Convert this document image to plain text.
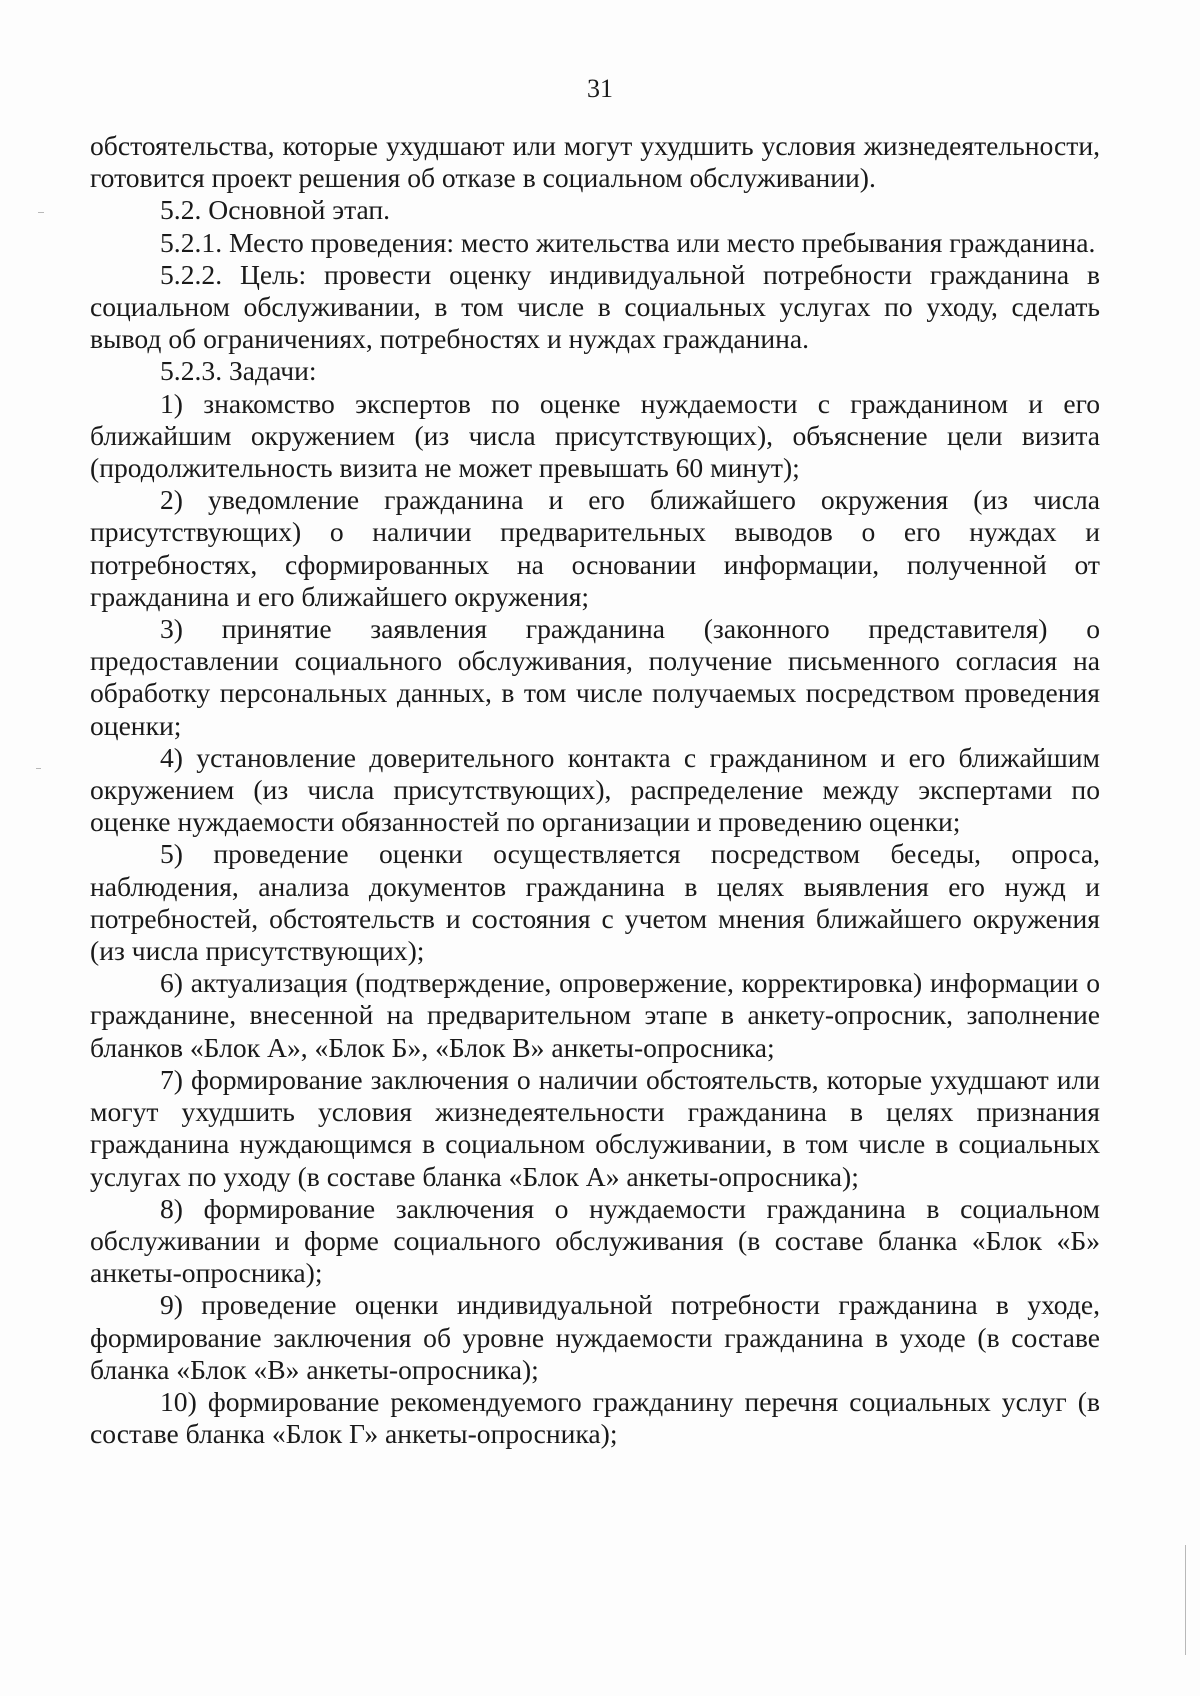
31

обстоятельства, которые ухудшают или могут ухудшить условия жизнедеятельности, готовится проект решения об отказе в социальном обслуживании).

5.2. Основной этап.

5.2.1. Место проведения: место жительства или место пребывания гражданина.

5.2.2. Цель: провести оценку индивидуальной потребности гражданина в социальном обслуживании, в том числе в социальных услугах по уходу, сделать вывод об ограничениях, потребностях и нуждах гражданина.

5.2.3. Задачи:

1) знакомство экспертов по оценке нуждаемости с гражданином и его ближайшим окружением (из числа присутствующих), объяснение цели визита (продолжительность визита не может превышать 60 минут);

2) уведомление гражданина и его ближайшего окружения (из числа присутствующих) о наличии предварительных выводов о его нуждах и потребностях, сформированных на основании информации, полученной от гражданина и его ближайшего окружения;

3) принятие заявления гражданина (законного представителя) о предоставлении социального обслуживания, получение письменного согласия на обработку персональных данных, в том числе получаемых посредством проведения оценки;

4) установление доверительного контакта с гражданином и его ближайшим окружением (из числа присутствующих), распределение между экспертами по оценке нуждаемости обязанностей по организации и проведению оценки;

5) проведение оценки осуществляется посредством беседы, опроса, наблюдения, анализа документов гражданина в целях выявления его нужд и потребностей, обстоятельств и состояния с учетом мнения ближайшего окружения (из числа присутствующих);

6) актуализация (подтверждение, опровержение, корректировка) информации о гражданине, внесенной на предварительном этапе в анкету-опросник, заполнение бланков «Блок А», «Блок Б», «Блок В» анкеты-опросника;

7) формирование заключения о наличии обстоятельств, которые ухудшают или могут ухудшить условия жизнедеятельности гражданина в целях признания гражданина нуждающимся в социальном обслуживании, в том числе в социальных услугах по уходу (в составе бланка «Блок А» анкеты-опросника);

8) формирование заключения о нуждаемости гражданина в социальном обслуживании и форме социального обслуживания (в составе бланка «Блок «Б» анкеты-опросника);

9) проведение оценки индивидуальной потребности гражданина в уходе, формирование заключения об уровне нуждаемости гражданина в уходе (в составе бланка «Блок «В» анкеты-опросника);

10) формирование рекомендуемого гражданину перечня социальных услуг (в составе бланка «Блок Г» анкеты-опросника);
